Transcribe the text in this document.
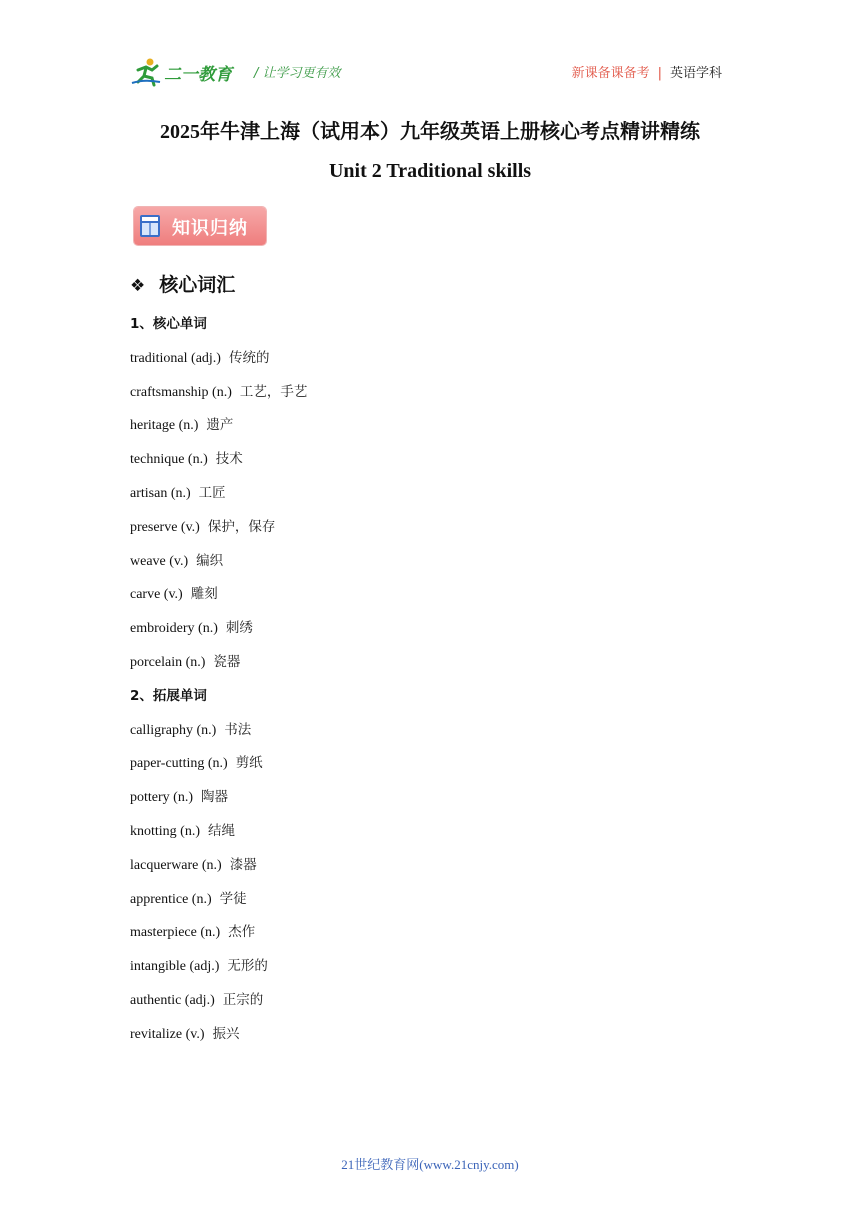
二一教育 / 让学习更有效	新课备课备考 | 英语学科
2025年牛津上海（试用本）九年级英语上册核心考点精讲精练
Unit 2 Traditional skills
知识归纳
❖ 核心词汇
1、核心单词
traditional (adj.) 传统的
craftsmanship (n.) 工艺，手艺
heritage (n.) 遗产
technique (n.) 技术
artisan (n.) 工匠
preserve (v.) 保护，保存
weave (v.) 编织
carve (v.) 雕刻
embroidery (n.) 刺绣
porcelain (n.) 瓷器
2、拓展单词
calligraphy (n.) 书法
paper-cutting (n.) 剪纸
pottery (n.) 陶器
knotting (n.) 结绳
lacquerware (n.) 漆器
apprentice (n.) 学徒
masterpiece (n.) 杰作
intangible (adj.) 无形的
authentic (adj.) 正宗的
revitalize (v.) 振兴
21世纪教育网(www.21cnjy.com)
